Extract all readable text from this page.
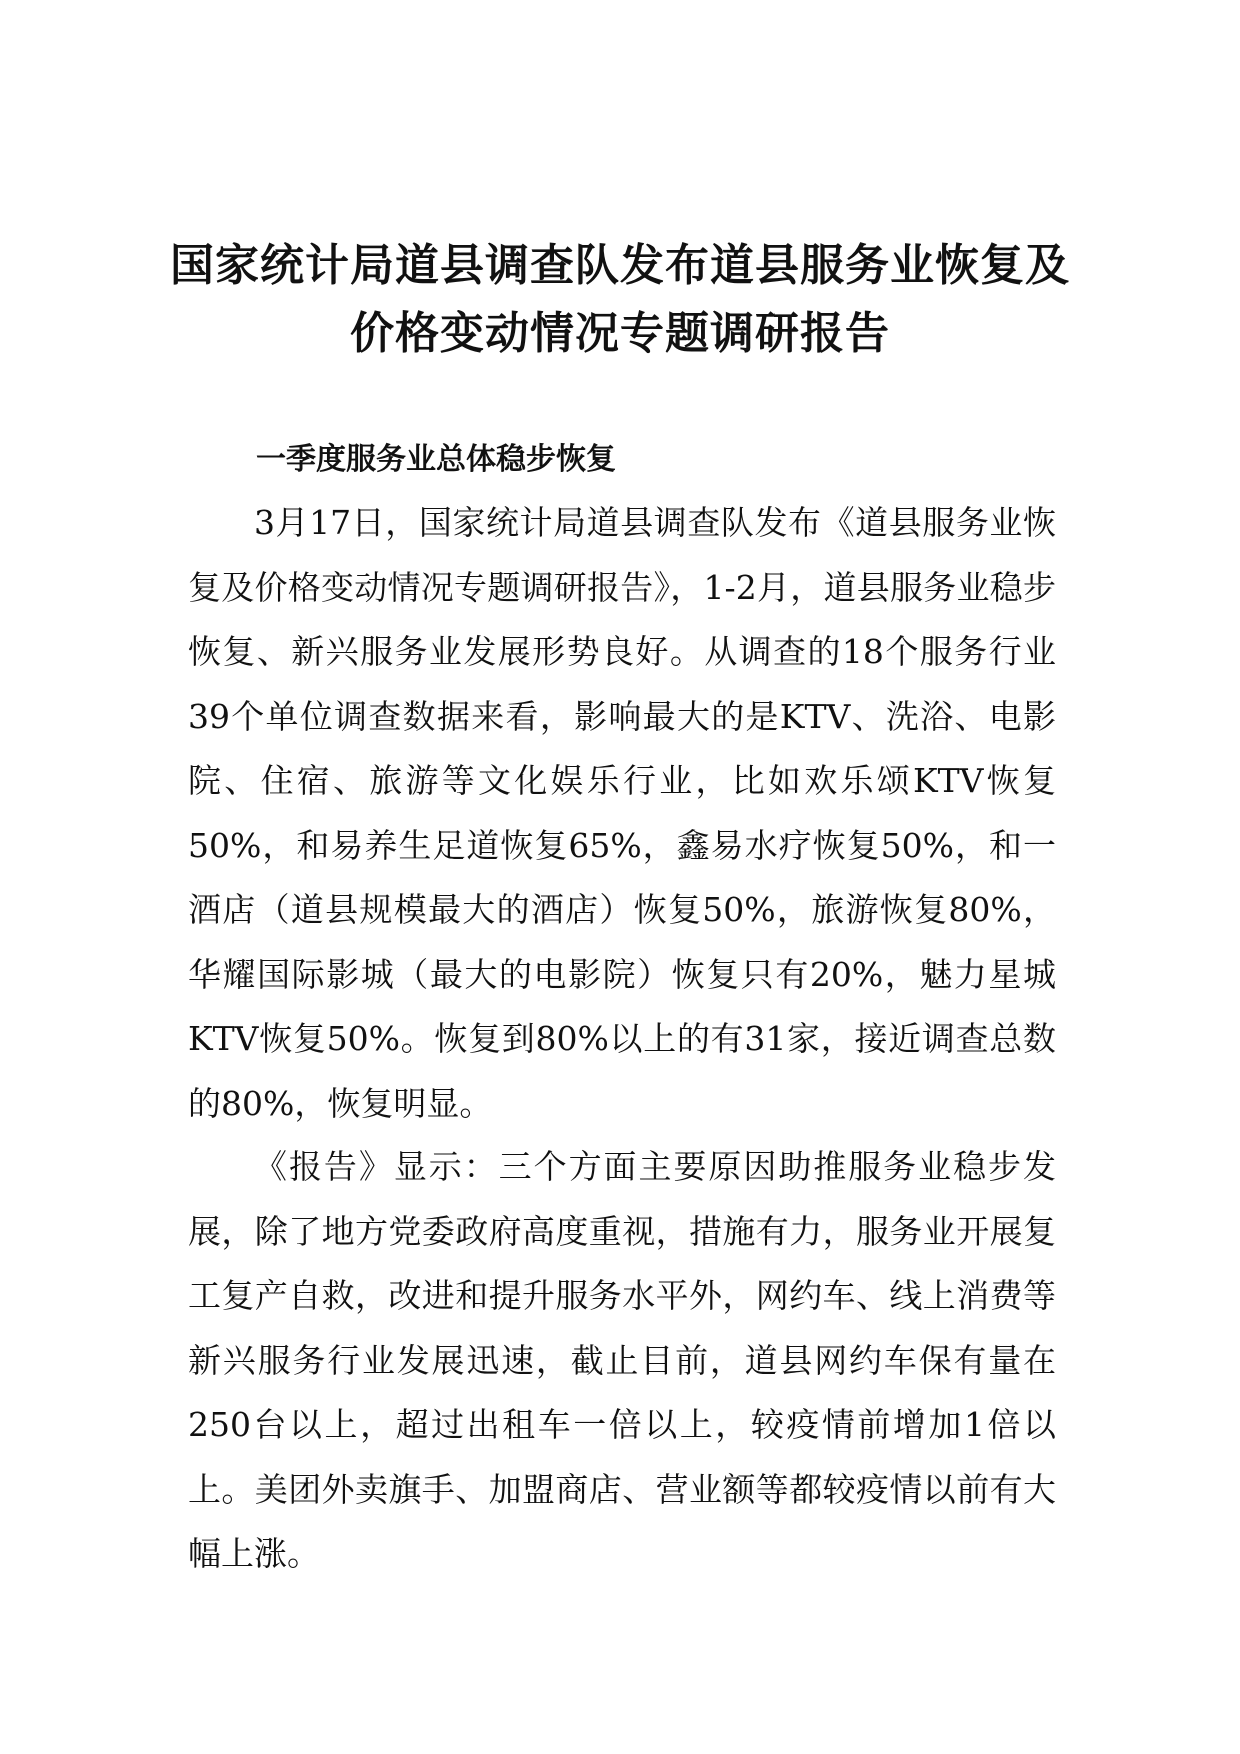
国家统计局道县调查队发布道县服务业恢复及价格变动情况专题调研报告
一季度服务业总体稳步恢复

3月17日，国家统计局道县调查队发布《道县服务业恢复及价格变动情况专题调研报告》，1-2月，道县服务业稳步恢复、新兴服务业发展形势良好。从调查的18个服务行业39个单位调查数据来看，影响最大的是KTV、洗浴、电影院、住宿、旅游等文化娱乐行业，比如欢乐颂KTV恢复50%，和易养生足道恢复65%，鑫易水疗恢复50%，和一酒店（道县规模最大的酒店）恢复50%，旅游恢复80%，华耀国际影城（最大的电影院）恢复只有20%，魅力星城KTV恢复50%。恢复到80%以上的有31家，接近调查总数的80%，恢复明显。

《报告》显示：三个方面主要原因助推服务业稳步发展，除了地方党委政府高度重视，措施有力，服务业开展复工复产自救，改进和提升服务水平外，网约车、线上消费等新兴服务行业发展迅速，截止目前，道县网约车保有量在250台以上，超过出租车一倍以上，较疫情前增加1倍以上。美团外卖旗手、加盟商店、营业额等都较疫情以前有大幅上涨。
